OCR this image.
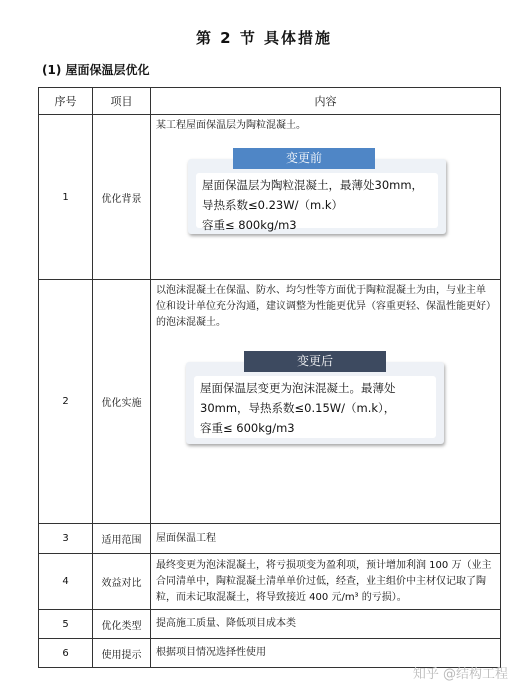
第 2 节 具体措施
(1) 屋面保温层优化
序号	项目	内容
1	优化背景	某工程屋面保温层为陶粒混凝土。
变更前
屋面保温层为陶粒混凝土，最薄处30mm，
导热系数≤0.23W/（m.k）
容重≤ 800kg/m3

2	优化实施	以泡沫混凝土在保温、防水、均匀性等方面优于陶粒混凝土为由，与业主单位和设计单位充分沟通，建议调整为性能更优异（容重更轻、保温性能更好）的泡沫混凝土。
变更后
屋面保温层变更为泡沫混凝土。最薄处
30mm，导热系数≤0.15W/（m.k），
容重≤ 600kg/m3

3	适用范围	屋面保温工程
4	效益对比	最终变更为泡沫混凝土，将亏损项变为盈利项，预计增加利润 100 万（业主合同清单中，陶粒混凝土清单单价过低，经查，业主组价中主材仅记取了陶粒，而未记取混凝土，将导致接近 400 元/m³ 的亏损）。
5	优化类型	提高施工质量、降低项目成本类
6	使用提示	根据项目情况选择性使用
知乎 @结构工程
